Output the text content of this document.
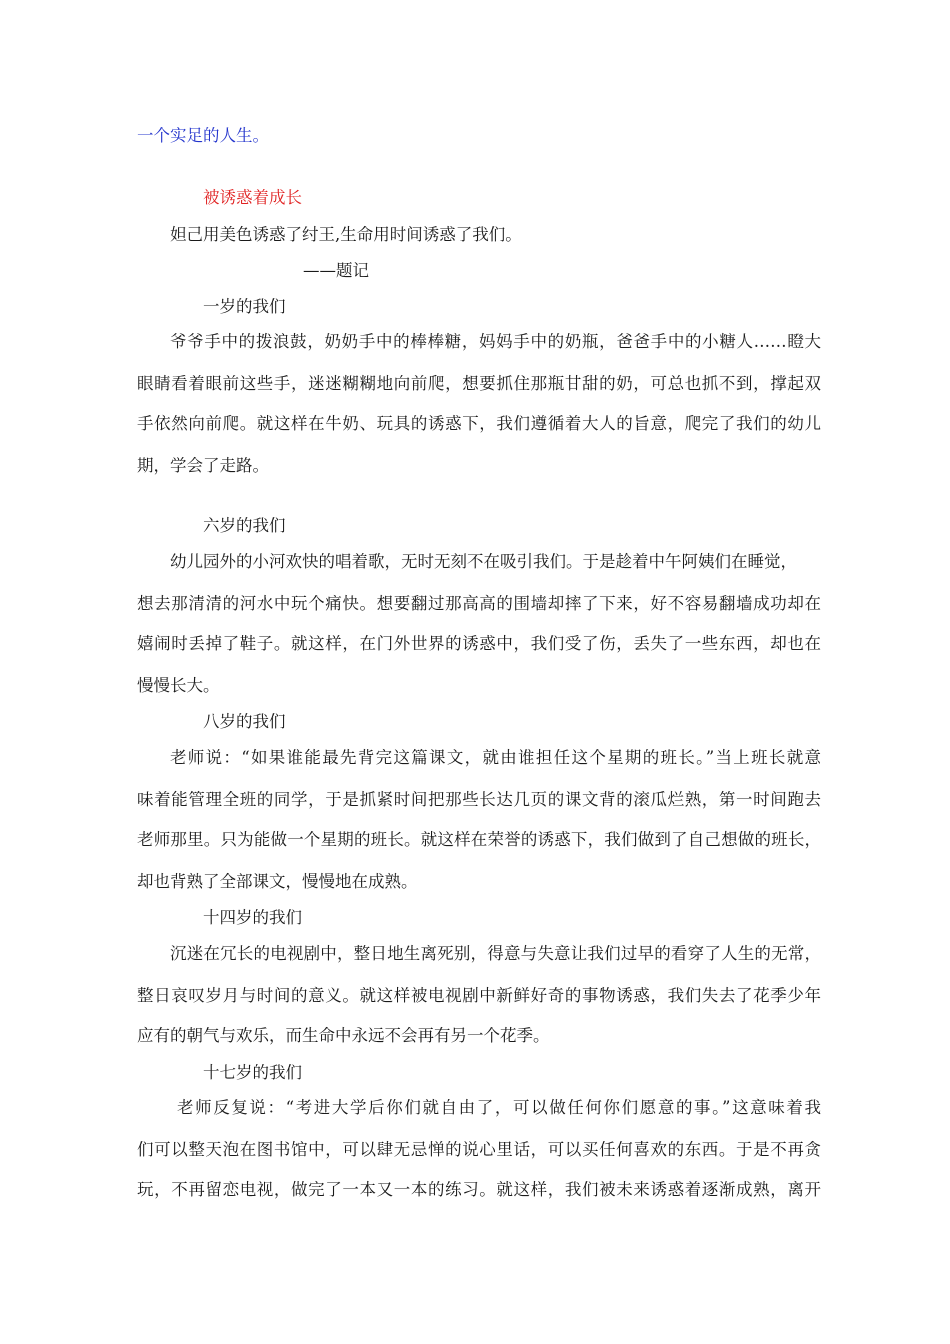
一个实足的人生。
被诱惑着成长
妲己用美色诱惑了纣王,生命用时间诱惑了我们。
——题记
一岁的我们
爷爷手中的拨浪鼓，奶奶手中的棒棒糖，妈妈手中的奶瓶，爸爸手中的小糖人……瞪大
眼睛看着眼前这些手，迷迷糊糊地向前爬，想要抓住那瓶甘甜的奶，可总也抓不到，撑起双
手依然向前爬。就这样在牛奶、玩具的诱惑下，我们遵循着大人的旨意，爬完了我们的幼儿
期，学会了走路。
六岁的我们
幼儿园外的小河欢快的唱着歌，无时无刻不在吸引我们。于是趁着中午阿姨们在睡觉，
想去那清清的河水中玩个痛快。想要翻过那高高的围墙却摔了下来，好不容易翻墙成功却在
嬉闹时丢掉了鞋子。就这样，在门外世界的诱惑中，我们受了伤，丢失了一些东西，却也在
慢慢长大。
八岁的我们
老师说：“如果谁能最先背完这篇课文，就由谁担任这个星期的班长。”当上班长就意
味着能管理全班的同学，于是抓紧时间把那些长达几页的课文背的滚瓜烂熟，第一时间跑去
老师那里。只为能做一个星期的班长。就这样在荣誉的诱惑下，我们做到了自己想做的班长，
却也背熟了全部课文，慢慢地在成熟。
十四岁的我们
沉迷在冗长的电视剧中，整日地生离死别，得意与失意让我们过早的看穿了人生的无常，
整日哀叹岁月与时间的意义。就这样被电视剧中新鲜好奇的事物诱惑，我们失去了花季少年
应有的朝气与欢乐，而生命中永远不会再有另一个花季。
十七岁的我们
老师反复说：“考进大学后你们就自由了，可以做任何你们愿意的事。”这意味着我
们可以整天泡在图书馆中，可以肆无忌惮的说心里话，可以买任何喜欢的东西。于是不再贪
玩，不再留恋电视，做完了一本又一本的练习。就这样，我们被未来诱惑着逐渐成熟，离开
